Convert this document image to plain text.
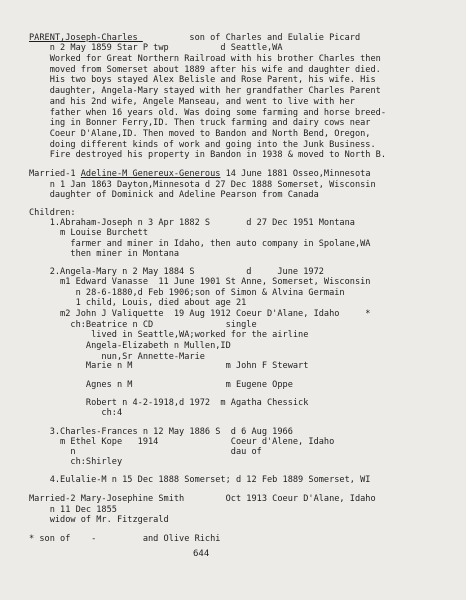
PARENT,Joseph-Charles          son of Charles and Eulalie Picard
n 2 May 1859 Star P twp          d Seattle,WA
Worked for Great Northern Railroad with his brother Charles then
moved from Somerset about 1889 after his wife and daughter died.
His two boys stayed Alex Belisle and Rose Parent, his wife. His
daughter, Angela-Mary stayed with her grandfather Charles Parent
and his 2nd wife, Angele Manseau, and went to live with her
father when 16 years old. Was doing some farming and horse breed-
ing in Bonner Ferry,ID. Then truck farming and dairy cows near
Coeur D'Alane,ID. Then moved to Bandon and North Bend, Oregon,
doing different kinds of work and going into the Junk Business.
Fire destroyed his property in Bandon in 1938 & moved to North B.
Married-1 Adeline-M Genereux-Generous 14 June 1881 Osseo,Minnesota
n 1 Jan 1863 Dayton,Minnesota d 27 Dec 1888 Somerset, Wisconsin
daughter of Dominick and Adeline Pearson from Canada
Children:
1.Abraham-Joseph n 3 Apr 1882 S       d 27 Dec 1951 Montana
m Louise Burchett
farmer and miner in Idaho, then auto company in Spolane,WA
then miner in Montana
2.Angela-Mary n 2 May 1884 S          d     June 1972
m1 Edward Vanasse  11 June 1901 St Anne, Somerset, Wisconsin
n 28-6-1880,d Feb 1906;son of Simon & Alvina Germain
1 child, Louis, died about age 21
m2 John J Valiquette  19 Aug 1912 Coeur D'Alane, Idaho     *
ch:Beatrice n CD              single
lived in Seattle,WA;worked for the airline
Angela-Elizabeth n Mullen,ID
nun,Sr Annette-Marie
Marie n M                  m John F Stewart
Agnes n M                  m Eugene Oppe
Robert n 4-2-1918,d 1972  m Agatha Chessick
ch:4
3.Charles-Frances n 12 May 1886 S  d 6 Aug 1966
m Ethel Kope   1914              Coeur d'Alene, Idaho
n                              dau of
ch:Shirley
4.Eulalie-M n 15 Dec 1888 Somerset; d 12 Feb 1889 Somerset, WI
Married-2 Mary-Josephine Smith        Oct 1913 Coeur D'Alane, Idaho
n 11 Dec 1855
widow of Mr. Fitzgerald
* son of    -         and Olive Richi
644
